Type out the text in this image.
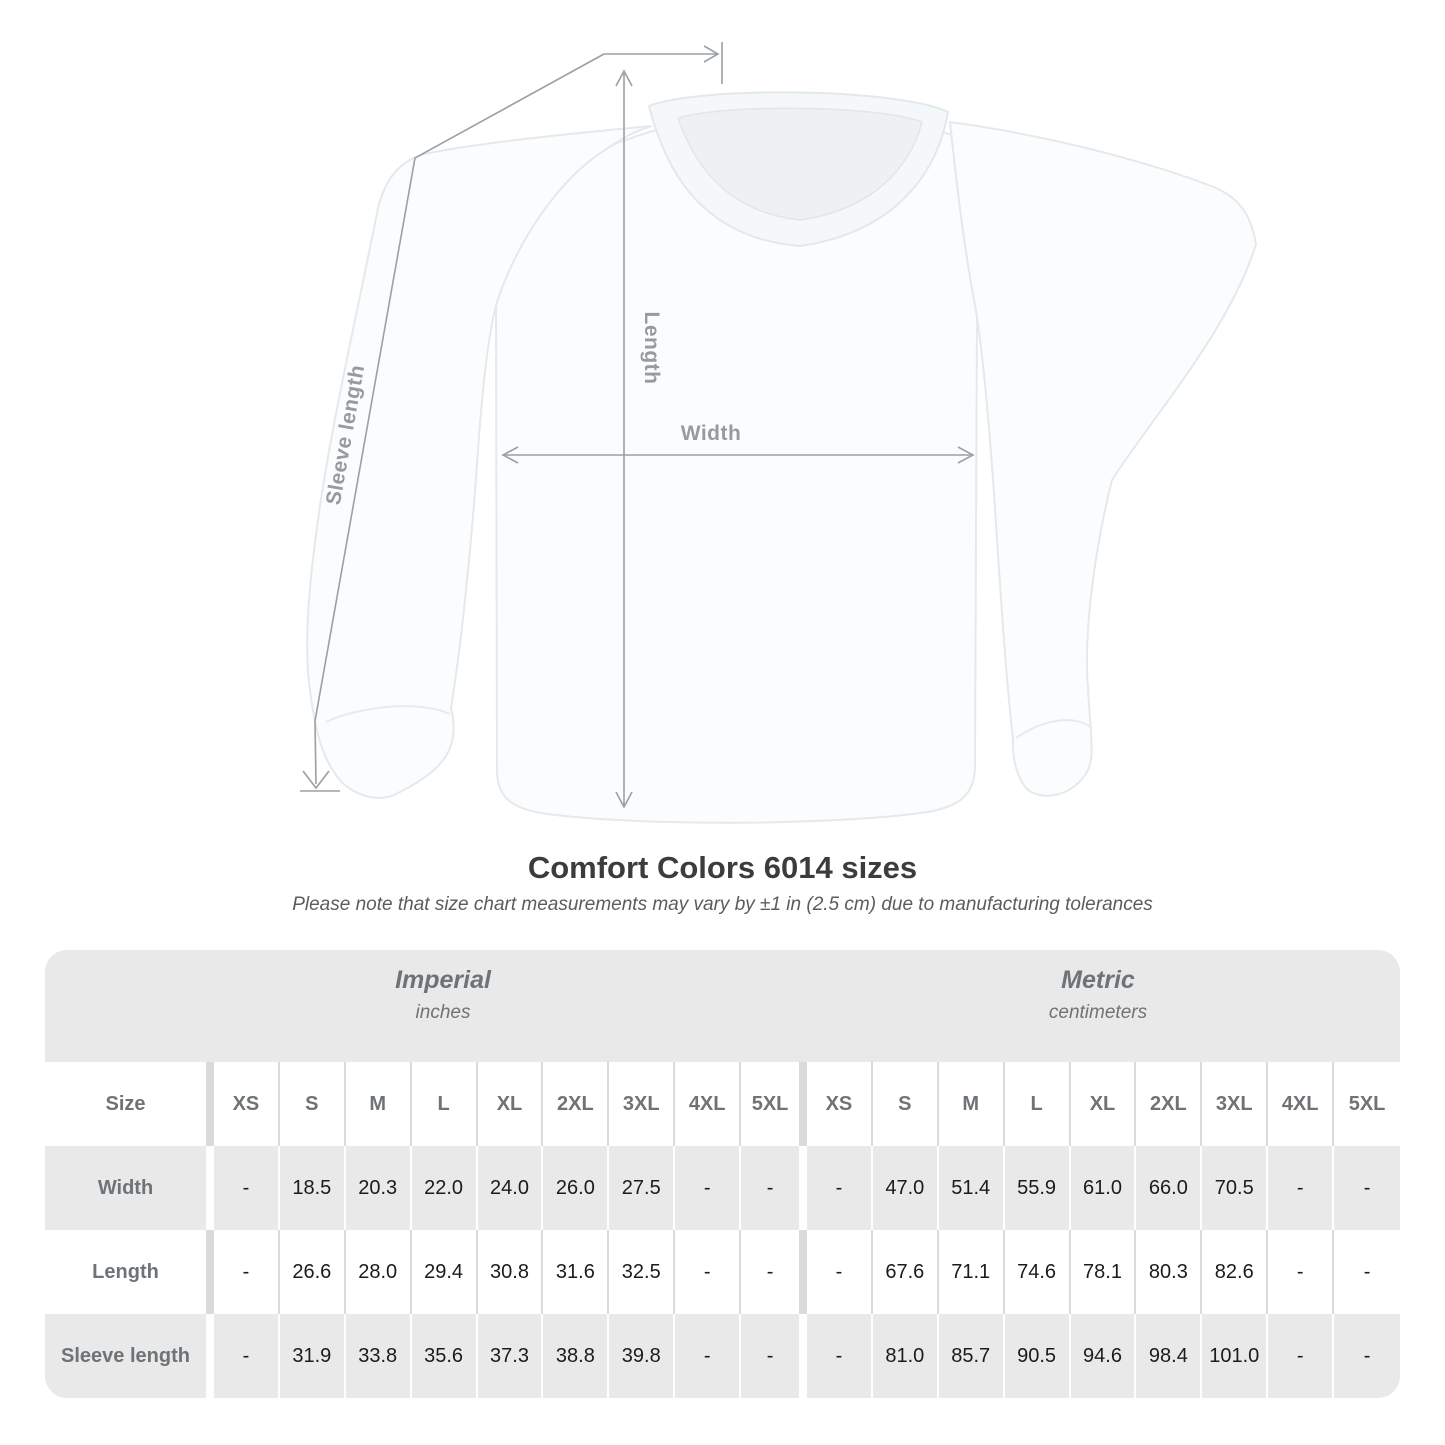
Sleeve length
Length
Width
Comfort Colors 6014 sizes
Please note that size chart measurements may vary by ±1 in (2.5 cm) due to manufacturing tolerances
Imperial
inches
Metric
centimeters
Size	XS	S	M	L	XL	2XL	3XL	4XL	5XL	XS	S	M	L	XL	2XL	3XL	4XL	5XL
Width	-	18.5	20.3	22.0	24.0	26.0	27.5	-	-	-	47.0	51.4	55.9	61.0	66.0	70.5	-	-
Length	-	26.6	28.0	29.4	30.8	31.6	32.5	-	-	-	67.6	71.1	74.6	78.1	80.3	82.6	-	-
Sleeve length	-	31.9	33.8	35.6	37.3	38.8	39.8	-	-	-	81.0	85.7	90.5	94.6	98.4	101.0	-	-
